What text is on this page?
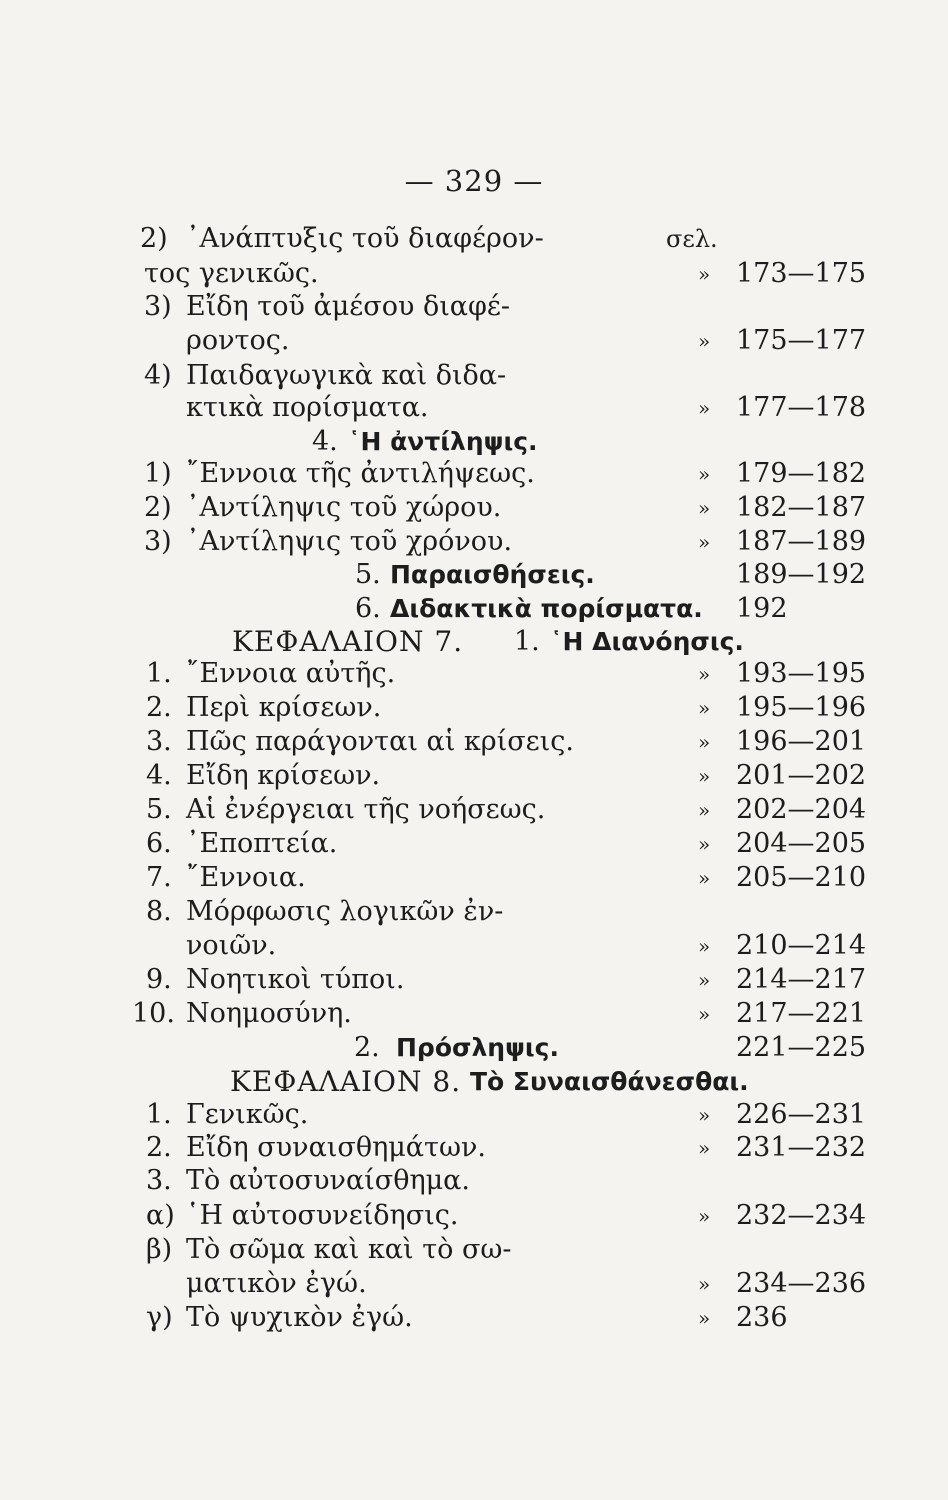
— 329 —
2) ᾿Ανάπτυξις τοῦ διαφέρον-	σελ.
τος γενικῶς.	» 173—175
3) Εἴδη τοῦ ἀμέσου διαφέ-
ροντος.	» 175—177
4) Παιδαγωγικὰ καὶ διδα-
κτικὰ πορίσματα.	» 177—178
4. ῾Η ἀντίληψις.
1) ῎Εννοια τῆς ἀντιλήψεως.	» 179—182
2) ᾿Αντίληψις τοῦ χώρου.	» 182—187
3) ᾿Αντίληψις τοῦ χρόνου.	» 187—189
5. Παραισθήσεις.	189—192
6. Διδακτικὰ πορίσματα. 192
ΚΕΦΑΛΑΙΟΝ 7. 1. ῾Η Διανόησις.
1. ῎Εννοια αὐτῆς.	» 193—195
2. Περὶ κρίσεων.	» 195—196
3. Πῶς παράγονται αἱ κρίσεις.	» 196—201
4. Εἴδη κρίσεων.	» 201—202
5. Αἱ ἐνέργειαι τῆς νοήσεως.	» 202—204
6. ᾿Εποπτεία.	» 204—205
7. ῎Εννοια.	» 205—210
8. Μόρφωσις λογικῶν ἐν-
νοιῶν.	» 210—214
9. Νοητικοὶ τύποι.	» 214—217
10. Νοημοσύνη.	» 217—221
2. Πρόσληψις.	221—225
ΚΕΦΑΛΑΙΟΝ 8. Τὸ Συναισθάνεσθαι.
1. Γενικῶς.	» 226—231
2. Εἴδη συναισθημάτων.	» 231—232
3. Τὸ αὐτοσυναίσθημα.
α) ῾Η αὐτοσυνείδησις.	» 232—234
β) Τὸ σῶμα καὶ καὶ τὸ σω-
ματικὸν ἐγώ.	» 234—236
γ) Τὸ ψυχικὸν ἐγώ.	» 236
